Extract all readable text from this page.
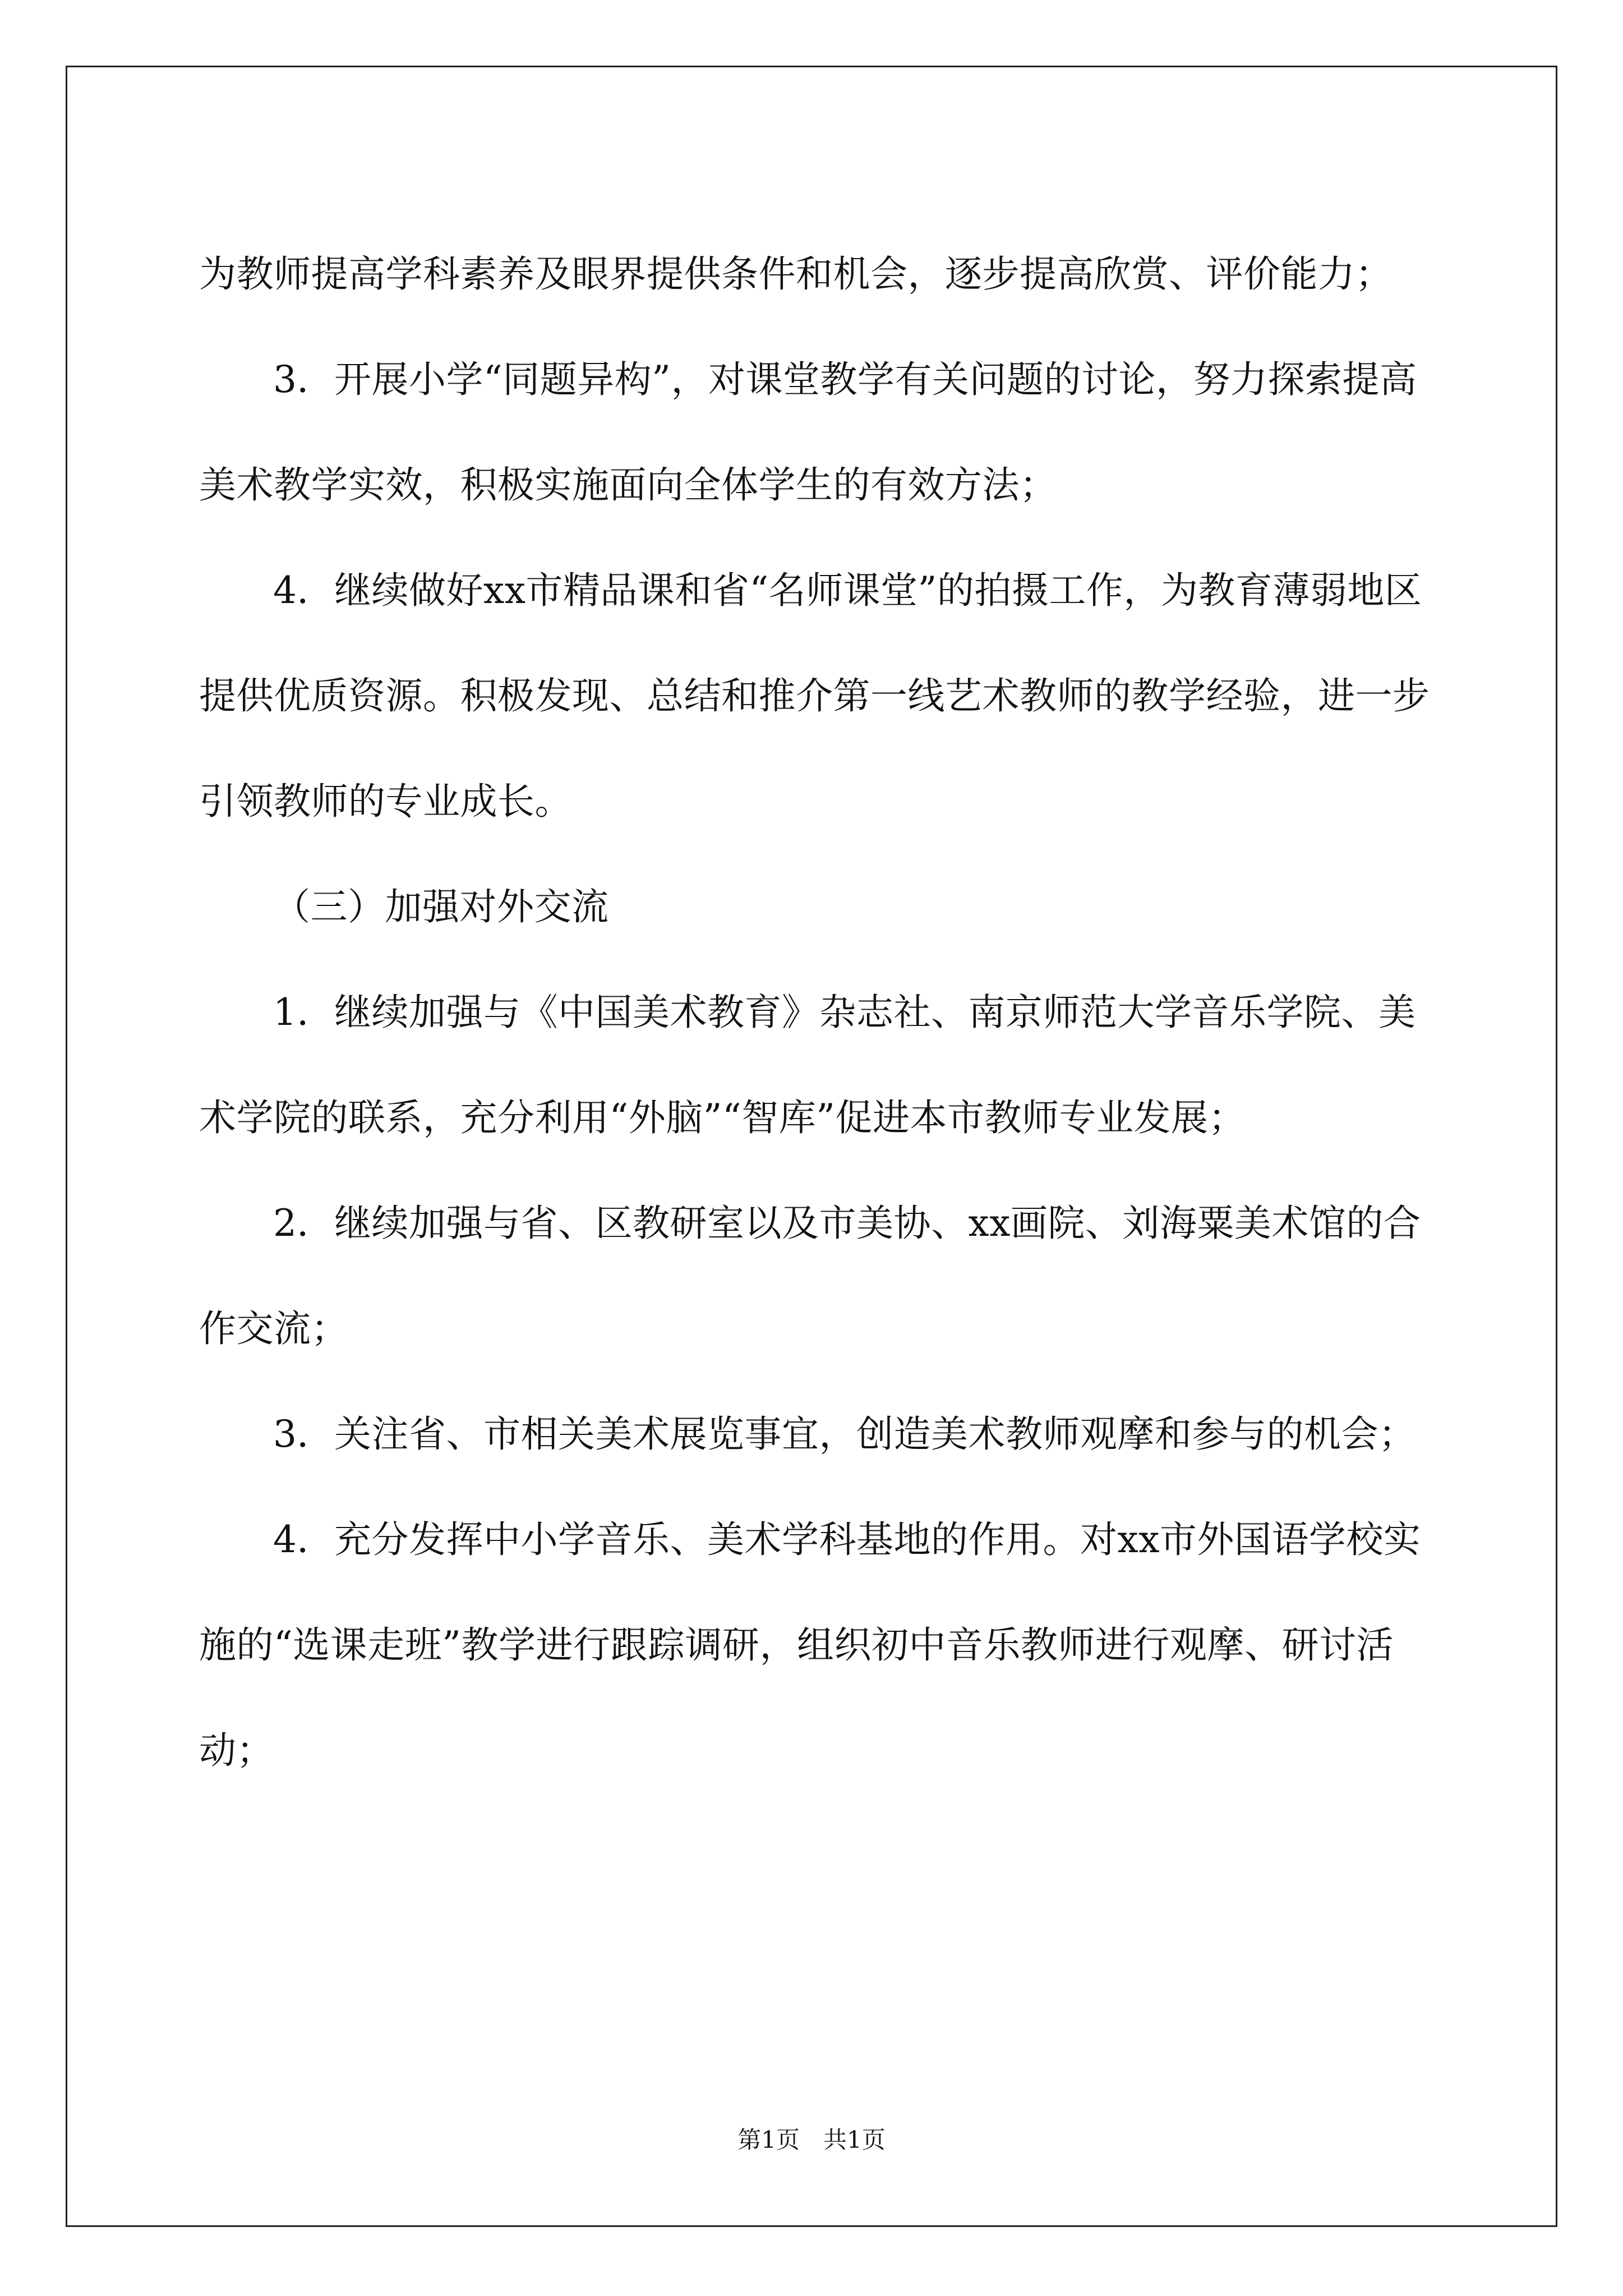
为教师提高学科素养及眼界提供条件和机会，逐步提高欣赏、评价能力；

3．开展小学“同题异构”，对课堂教学有关问题的讨论，努力探索提高美术教学实效，积极实施面向全体学生的有效方法；

4．继续做好xx市精品课和省“名师课堂”的拍摄工作，为教育薄弱地区提供优质资源。积极发现、总结和推介第一线艺术教师的教学经验，进一步引领教师的专业成长。

（三）加强对外交流

1．继续加强与《中国美术教育》杂志社、南京师范大学音乐学院、美术学院的联系，充分利用“外脑”“智库”促进本市教师专业发展；

2．继续加强与省、区教研室以及市美协、xx画院、刘海粟美术馆的合作交流；

3．关注省、市相关美术展览事宜，创造美术教师观摩和参与的机会；

4．充分发挥中小学音乐、美术学科基地的作用。对xx市外国语学校实施的“选课走班”教学进行跟踪调研，组织初中音乐教师进行观摩、研讨活动；

第1页　共1页
